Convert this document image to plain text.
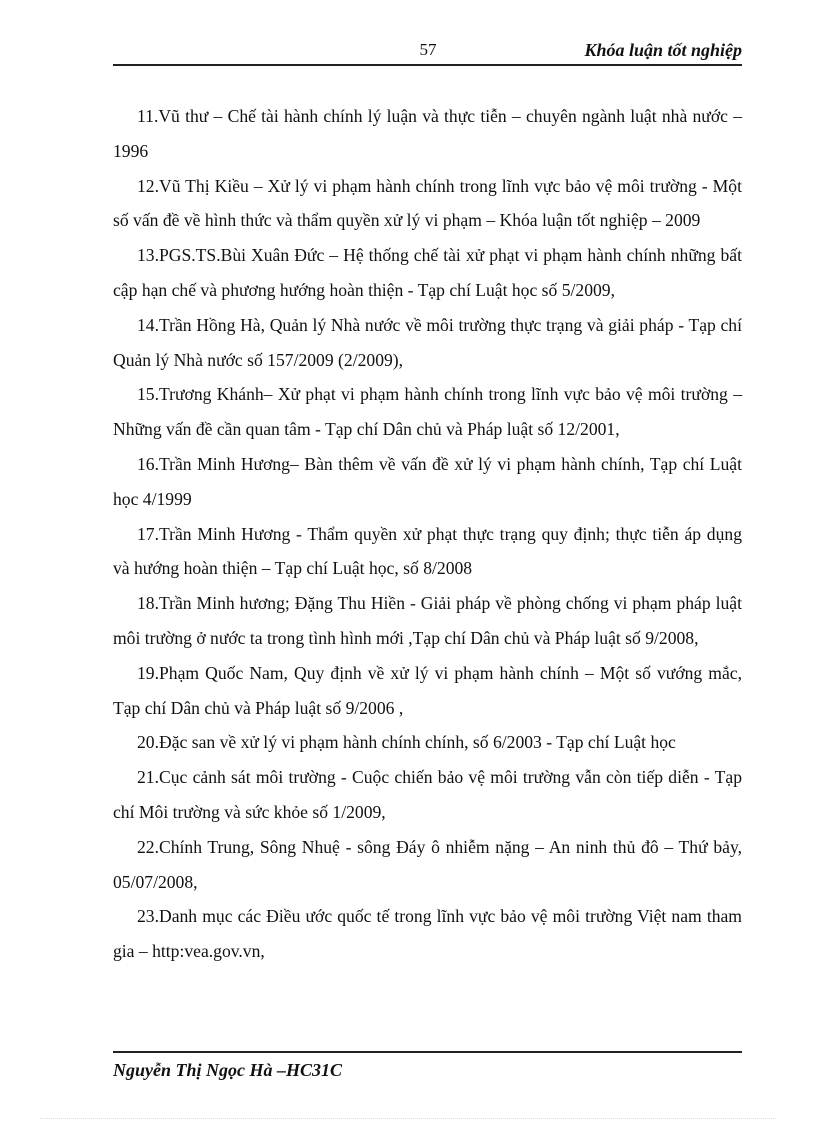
57	Khóa luận tốt nghiệp

11.Vũ thư – Chế tài hành chính lý luận và thực tiễn – chuyên ngành luật nhà nước –1996

12.Vũ Thị Kiều – Xử lý vi phạm hành chính trong lĩnh vực bảo vệ môi trường - Một số vấn đề về hình thức và thẩm quyền xử lý vi phạm – Khóa luận tốt nghiệp – 2009

13.PGS.TS.Bùi Xuân Đức – Hệ thống chế tài xử phạt vi phạm hành chính những bất cập hạn chế và phương hướng hoàn thiện - Tạp chí Luật học số 5/2009,

14.Trần Hồng Hà, Quản lý Nhà nước về môi trường thực trạng và giải pháp - Tạp chí Quản lý Nhà nước số 157/2009 (2/2009),

15.Trương Khánh– Xử phạt vi phạm hành chính trong lĩnh vực bảo vệ môi trường – Những vấn đề cần quan tâm - Tạp chí Dân chủ và Pháp luật số 12/2001,

16.Trần Minh Hương– Bàn thêm về vấn đề xử lý vi phạm hành chính, Tạp chí Luật học 4/1999

17.Trần Minh Hương - Thẩm quyền xử phạt thực trạng quy định; thực tiễn áp dụng và hướng hoàn thiện – Tạp chí Luật học, số 8/2008

18.Trần Minh hương; Đặng Thu Hiền - Giải pháp về phòng chống vi phạm pháp luật môi trường ở nước ta trong tình hình mới ,Tạp chí Dân chủ và Pháp luật số 9/2008,

19.Phạm Quốc Nam, Quy định về xử lý vi phạm hành chính – Một số vướng mắc, Tạp chí Dân chủ và Pháp luật số 9/2006 ,

20.Đặc san về xử lý vi phạm hành chính chính, số 6/2003 - Tạp chí Luật học

21.Cục cảnh sát môi trường - Cuộc chiến bảo vệ môi trường vẫn còn tiếp diễn - Tạp chí Môi trường và sức khỏe số 1/2009,

22.Chính Trung, Sông Nhuệ - sông Đáy ô nhiễm nặng – An ninh thủ đô – Thứ bảy, 05/07/2008,

23.Danh mục các Điều ước quốc tế trong lĩnh vực bảo vệ môi trường Việt nam tham gia – http:vea.gov.vn,

Nguyễn Thị Ngọc Hà –HC31C
